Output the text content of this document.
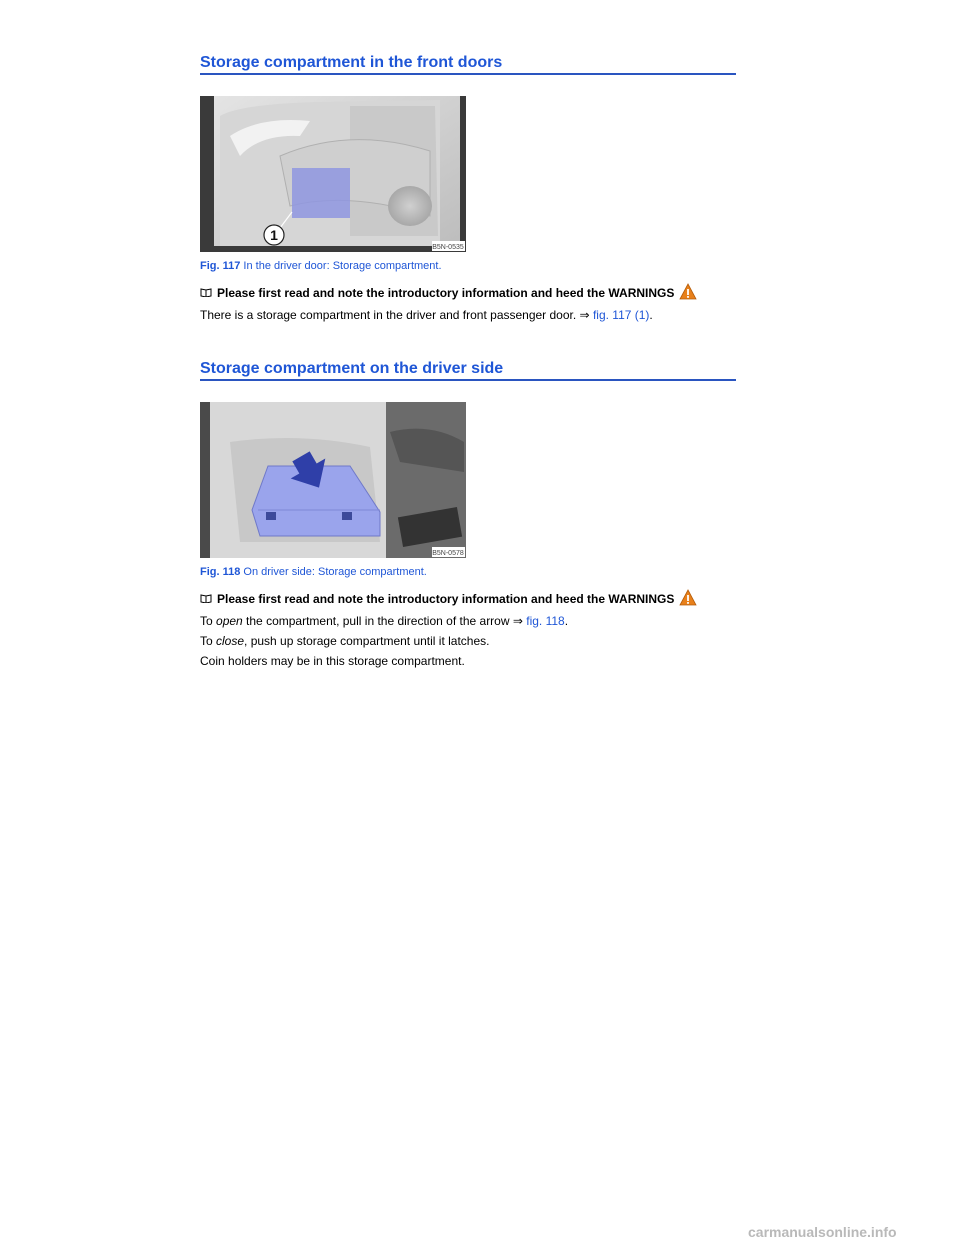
Storage compartment in the front doors
1
B5N-0535
Fig. 117 In the driver door: Storage compartment.
Please first read and note the introductory information and heed the WARNINGS

There is a storage compartment in the driver and front passenger door. ⇒ fig. 117 (1).

Storage compartment on the driver side
B5N-0578
Fig. 118 On driver side: Storage compartment.
Please first read and note the introductory information and heed the WARNINGS

To open the compartment, pull in the direction of the arrow ⇒ fig. 118.

To close, push up storage compartment until it latches.

Coin holders may be in this storage compartment.

carmanualsonline.info
